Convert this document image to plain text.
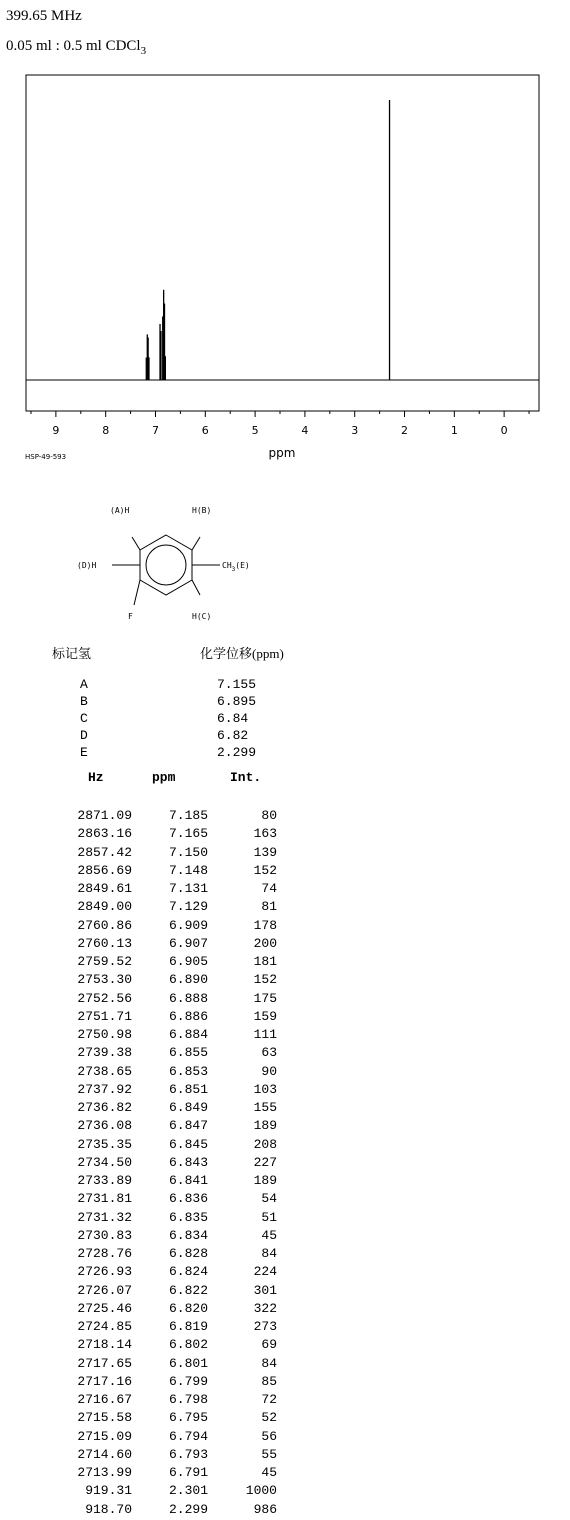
399.65 MHz
0.05 ml : 0.5 ml CDCl$_3$
9	8	7	6	5	4	3	2	1	0
ppm
HSP-49-593
(A)H	H(B)
H(C)
(D)H	$CH_3(E)$
F
标记氢	化学位移(ppm)
A	7.155
B	6.895
C	6.84
D	6.82
E	2.299
Hz	ppm	Int.
2871.09	7.185	80
2863.16	7.165	163
2857.42	7.150	139
2856.69	7.148	152
2849.61	7.131	74
2849.00	7.129	81
2760.86	6.909	178
2760.13	6.907	200
2759.52	6.905	181
2753.30	6.890	152
2752.56	6.888	175
2751.71	6.886	159
2750.98	6.884	111
2739.38	6.855	63
2738.65	6.853	90
2737.92	6.851	103
2736.82	6.849	155
2736.08	6.847	189
2735.35	6.845	208
2734.50	6.843	227
2733.89	6.841	189
2731.81	6.836	54
2731.32	6.835	51
2730.83	6.834	45
2728.76	6.828	84
2726.93	6.824	224
2726.07	6.822	301
2725.46	6.820	322
2724.85	6.819	273
2718.14	6.802	69
2717.65	6.801	84
2717.16	6.799	85
2716.67	6.798	72
2715.58	6.795	52
2715.09	6.794	56
2714.60	6.793	55
2713.99	6.791	45
919.31	2.301	1000
918.70	2.299	986
